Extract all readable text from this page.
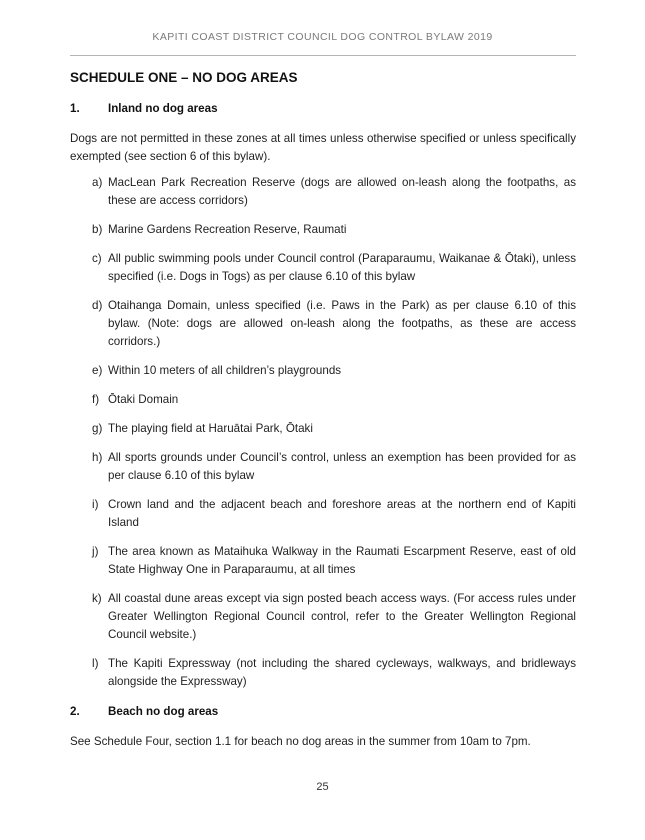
KAPITI COAST DISTRICT COUNCIL DOG CONTROL BYLAW 2019
SCHEDULE ONE – NO DOG AREAS
1.	Inland no dog areas

Dogs are not permitted in these zones at all times unless otherwise specified or unless specifically exempted (see section 6 of this bylaw).

a) MacLean Park Recreation Reserve (dogs are allowed on-leash along the footpaths, as these are access corridors)
b) Marine Gardens Recreation Reserve, Raumati
c) All public swimming pools under Council control (Paraparaumu, Waikanae & Ōtaki), unless specified (i.e. Dogs in Togs) as per clause 6.10 of this bylaw
d) Otaihanga Domain, unless specified (i.e. Paws in the Park) as per clause 6.10 of this bylaw. (Note: dogs are allowed on-leash along the footpaths, as these are access corridors.)
e) Within 10 meters of all children’s playgrounds
f) Ōtaki Domain
g) The playing field at Haruātai Park, Ōtaki
h) All sports grounds under Council’s control, unless an exemption has been provided for as per clause 6.10 of this bylaw
i) Crown land and the adjacent beach and foreshore areas at the northern end of Kapiti Island
j) The area known as Mataihuka Walkway in the Raumati Escarpment Reserve, east of old State Highway One in Paraparaumu, at all times
k) All coastal dune areas except via sign posted beach access ways. (For access rules under Greater Wellington Regional Council control, refer to the Greater Wellington Regional Council website.)
l) The Kapiti Expressway (not including the shared cycleways, walkways, and bridleways alongside the Expressway)
2.	Beach no dog areas

See Schedule Four, section 1.1 for beach no dog areas in the summer from 10am to 7pm.

25
